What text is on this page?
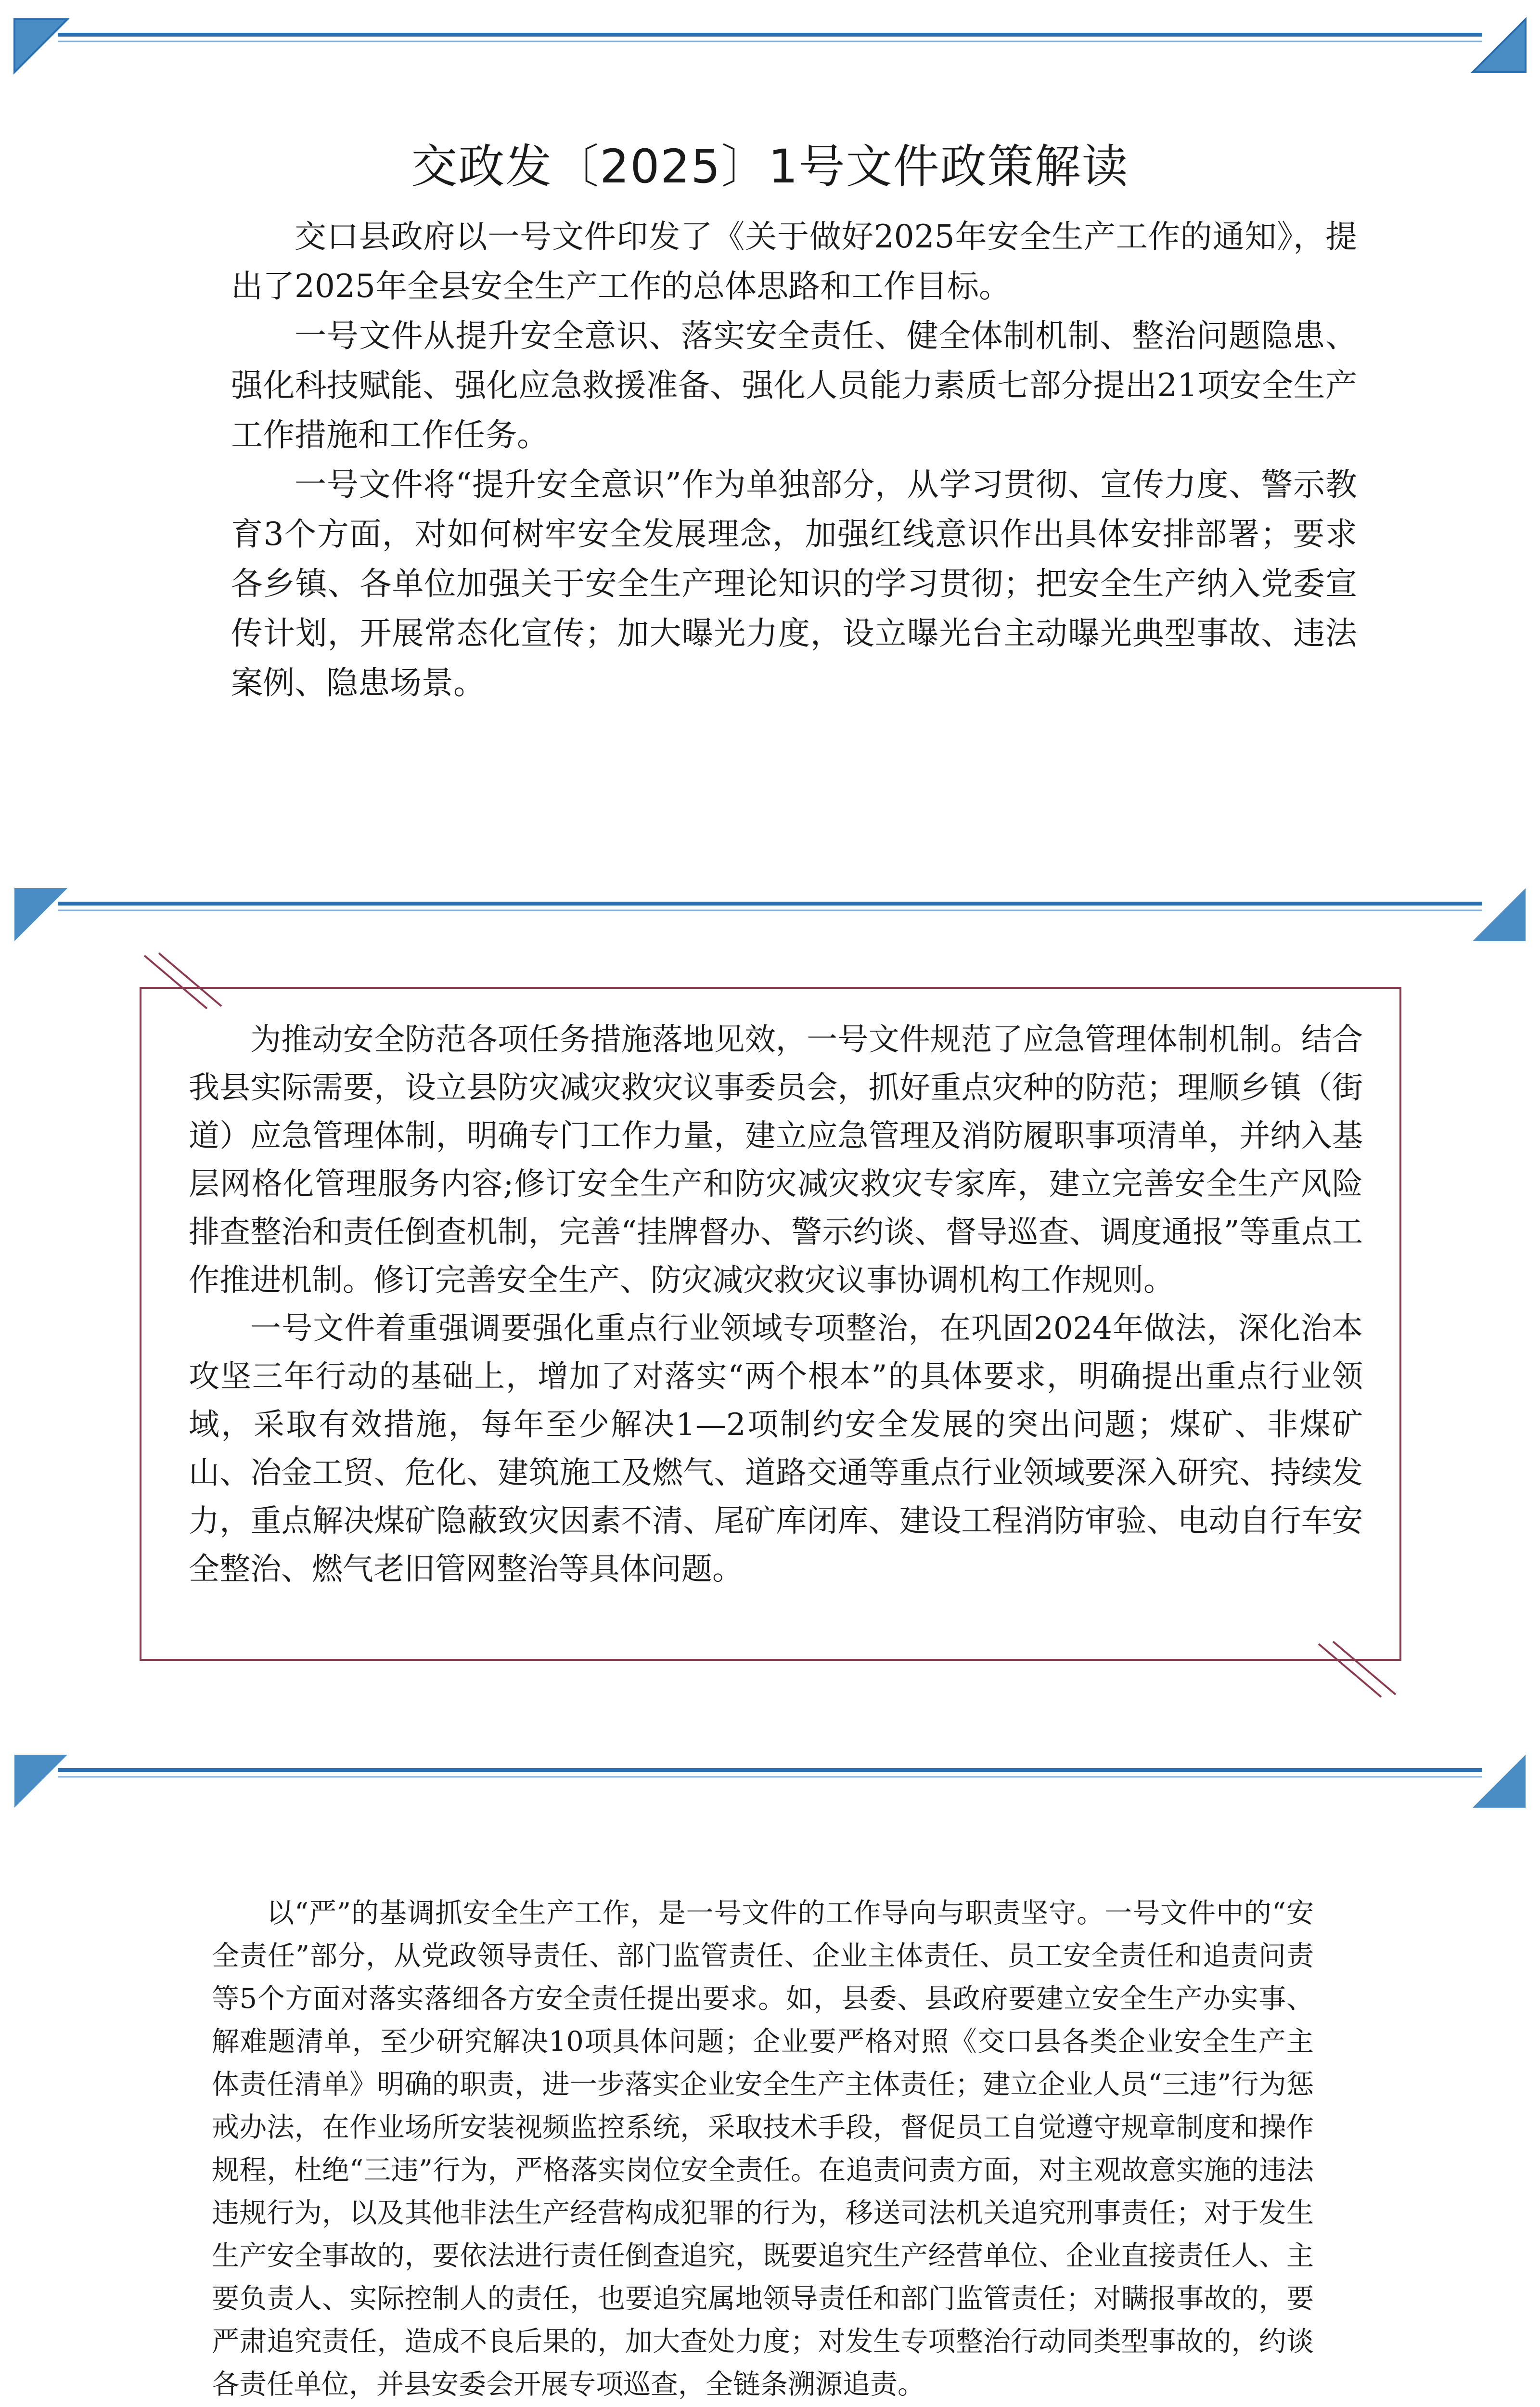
交政发〔2025〕1号文件政策解读

交口县政府以一号文件印发了《关于做好2025年安全生产工作的通知》，提出了2025年全县安全生产工作的总体思路和工作目标。

一号文件从提升安全意识、落实安全责任、健全体制机制、整治问题隐患、强化科技赋能、强化应急救援准备、强化人员能力素质七部分提出21项安全生产工作措施和工作任务。

一号文件将“提升安全意识”作为单独部分，从学习贯彻、宣传力度、警示教育3个方面，对如何树牢安全发展理念，加强红线意识作出具体安排部署；要求各乡镇、各单位加强关于安全生产理论知识的学习贯彻；把安全生产纳入党委宣传计划，开展常态化宣传；加大曝光力度，设立曝光台主动曝光典型事故、违法案例、隐患场景。

为推动安全防范各项任务措施落地见效，一号文件规范了应急管理体制机制。结合我县实际需要，设立县防灾减灾救灾议事委员会，抓好重点灾种的防范；理顺乡镇（街道）应急管理体制，明确专门工作力量，建立应急管理及消防履职事项清单，并纳入基层网格化管理服务内容;修订安全生产和防灾减灾救灾专家库，建立完善安全生产风险排查整治和责任倒查机制，完善“挂牌督办、警示约谈、督导巡查、调度通报”等重点工作推进机制。修订完善安全生产、防灾减灾救灾议事协调机构工作规则。

一号文件着重强调要强化重点行业领域专项整治，在巩固2024年做法，深化治本攻坚三年行动的基础上，增加了对落实“两个根本”的具体要求，明确提出重点行业领域，采取有效措施，每年至少解决1—2项制约安全发展的突出问题；煤矿、非煤矿山、冶金工贸、危化、建筑施工及燃气、道路交通等重点行业领域要深入研究、持续发力，重点解决煤矿隐蔽致灾因素不清、尾矿库闭库、建设工程消防审验、电动自行车安全整治、燃气老旧管网整治等具体问题。

以“严”的基调抓安全生产工作，是一号文件的工作导向与职责坚守。一号文件中的“安全责任”部分，从党政领导责任、部门监管责任、企业主体责任、员工安全责任和追责问责等5个方面对落实落细各方安全责任提出要求。如，县委、县政府要建立安全生产办实事、解难题清单，至少研究解决10项具体问题；企业要严格对照《交口县各类企业安全生产主体责任清单》明确的职责，进一步落实企业安全生产主体责任；建立企业人员“三违”行为惩戒办法，在作业场所安装视频监控系统，采取技术手段，督促员工自觉遵守规章制度和操作规程，杜绝“三违”行为，严格落实岗位安全责任。在追责问责方面，对主观故意实施的违法违规行为，以及其他非法生产经营构成犯罪的行为，移送司法机关追究刑事责任；对于发生生产安全事故的，要依法进行责任倒查追究，既要追究生产经营单位、企业直接责任人、主要负责人、实际控制人的责任，也要追究属地领导责任和部门监管责任；对瞒报事故的，要严肃追究责任，造成不良后果的，加大查处力度；对发生专项整治行动同类型事故的，约谈各责任单位，并县安委会开展专项巡查，全链条溯源追责。
